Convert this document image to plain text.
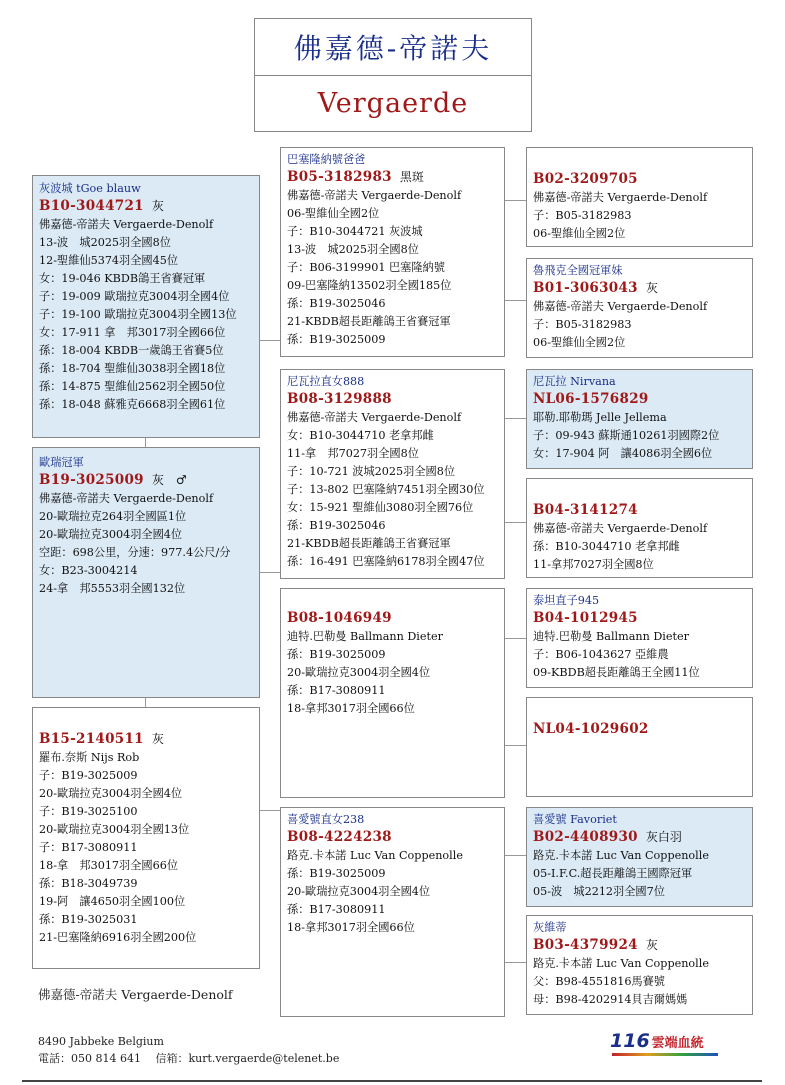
佛嘉德-帝諾夫
Vergaerde
灰波城 tGoe blauw
B10-3044721 灰
佛嘉德-帝諾夫 Vergaerde-Denolf
13-波　城2025羽全國8位
12-聖維仙5374羽全國45位
女：19-046 KBDB鴿王省賽冠軍
子：19-009 歐瑞拉克3004羽全國4位
子：19-100 歐瑞拉克3004羽全國13位
女：17-911 拿　邦3017羽全國66位
孫：18-004 KBDB一歲鴿王省賽5位
孫：18-704 聖維仙3038羽全國18位
孫：14-875 聖維仙2562羽全國50位
孫：18-048 蘇雅克6668羽全國61位
歐瑞冠軍
B19-3025009 灰　♂
佛嘉德-帝諾夫 Vergaerde-Denolf
20-歐瑞拉克264羽全國區1位
20-歐瑞拉克3004羽全國4位
空距：698公里，分速：977.4公尺/分
女：B23-3004214
24-拿　邦5553羽全國132位
B15-2140511 灰
羅布.奈斯 Nijs Rob
子：B19-3025009
20-歐瑞拉克3004羽全國4位
子：B19-3025100
20-歐瑞拉克3004羽全國13位
子：B17-3080911
18-拿　邦3017羽全國66位
孫：B18-3049739
19-阿　讓4650羽全國100位
孫：B19-3025031
21-巴塞隆納6916羽全國200位
巴塞隆納號爸爸
B05-3182983 黑斑
佛嘉德-帝諾夫 Vergaerde-Denolf
06-聖維仙全國2位
子：B10-3044721 灰波城
13-波　城2025羽全國8位
子：B06-3199901 巴塞隆納號
09-巴塞隆納13502羽全國185位
孫：B19-3025046
21-KBDB超長距離鴿王省賽冠軍
孫：B19-3025009
尼瓦拉直女888
B08-3129888
佛嘉德-帝諾夫 Vergaerde-Denolf
女：B10-3044710 老拿邦雌
11-拿　邦7027羽全國8位
子：10-721 波城2025羽全國8位
子：13-802 巴塞隆納7451羽全國30位
女：15-921 聖維仙3080羽全國76位
孫：B19-3025046
21-KBDB超長距離鴿王省賽冠軍
孫：16-491 巴塞隆納6178羽全國47位
B08-1046949
迪特.巴勒曼 Ballmann Dieter
孫：B19-3025009
20-歐瑞拉克3004羽全國4位
孫：B17-3080911
18-拿邦3017羽全國66位
喜愛號直女238
B08-4224238
路克.卡本諾 Luc Van Coppenolle
孫：B19-3025009
20-歐瑞拉克3004羽全國4位
孫：B17-3080911
18-拿邦3017羽全國66位
B02-3209705
佛嘉德-帝諾夫 Vergaerde-Denolf
子：B05-3182983
06-聖維仙全國2位
魯飛克全國冠軍妹
B01-3063043 灰
佛嘉德-帝諾夫 Vergaerde-Denolf
子：B05-3182983
06-聖維仙全國2位
尼瓦拉 Nirvana
NL06-1576829
耶勒.耶勒瑪 Jelle Jellema
子：09-943 蘇斯通10261羽國際2位
女：17-904 阿　讓4086羽全國6位
B04-3141274
佛嘉德-帝諾夫 Vergaerde-Denolf
孫：B10-3044710 老拿邦雌
11-拿邦7027羽全國8位
泰坦直子945
B04-1012945
迪特.巴勒曼 Ballmann Dieter
子：B06-1043627 亞維農
09-KBDB超長距離鴿王全國11位
NL04-1029602
喜愛號 Favoriet
B02-4408930 灰白羽
路克.卡本諾 Luc Van Coppenolle
05-I.F.C.超長距離鴿王國際冠軍
05-波　城2212羽全國7位
灰維蒂
B03-4379924 灰
路克.卡本諾 Luc Van Coppenolle
父：B98-4551816馬賽號
母：B98-4202914貝吉爾媽媽
佛嘉德-帝諾夫 Vergaerde-Denolf
8490 Jabbeke Belgium
電話：050 814 641　 信箱：kurt.vergaerde@telenet.be
116 雲端血統
